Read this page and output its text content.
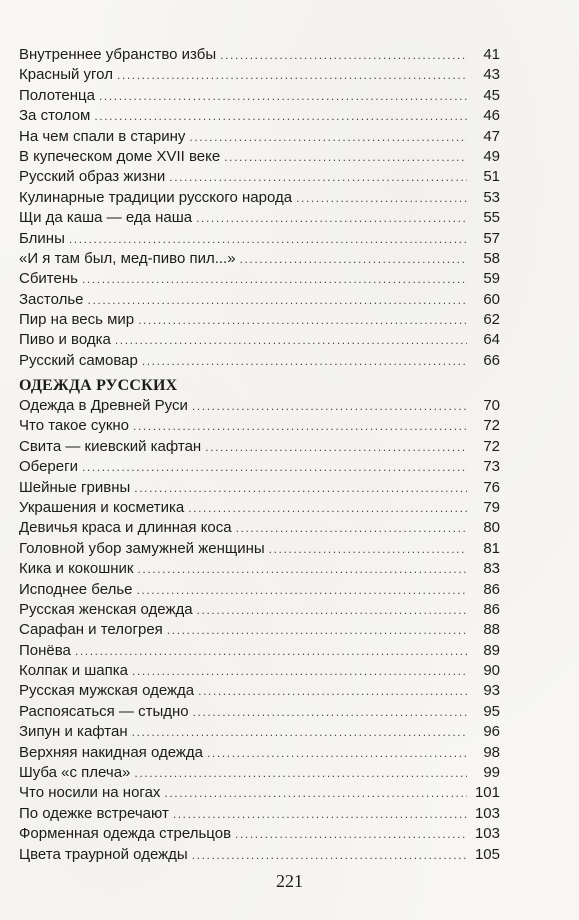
Внутреннее убранство избы .....	41
Красный угол .....	43
Полотенца .....	45
За столом .....	46
На чем спали в старину .....	47
В купеческом доме XVII веке .....	49
Русский образ жизни .....	51
Кулинарные традиции русского народа .....	53
Щи да каша — еда наша .....	55
Блины .....	57
«И я там был, мед-пиво пил...» .....	58
Сбитень .....	59
Застолье .....	60
Пир на весь мир .....	62
Пиво и водка .....	64
Русский самовар .....	66
ОДЕЖДА РУССКИХ
Одежда в Древней Руси .....	70
Что такое сукно .....	72
Свита — киевский кафтан .....	72
Обереги .....	73
Шейные гривны .....	76
Украшения и косметика .....	79
Девичья краса и длинная коса .....	80
Головной убор замужней женщины .....	81
Кика и кокошник .....	83
Исподнее белье .....	86
Русская женская одежда .....	86
Сарафан и телогрея .....	88
Понёва .....	89
Колпак и шапка .....	90
Русская мужская одежда .....	93
Распоясаться — стыдно .....	95
Зипун и кафтан .....	96
Верхняя накидная одежда .....	98
Шуба «с плеча» .....	99
Что носили на ногах .....	101
По одежке встречают .....	103
Форменная одежда стрельцов .....	103
Цвета траурной одежды .....	105
221
